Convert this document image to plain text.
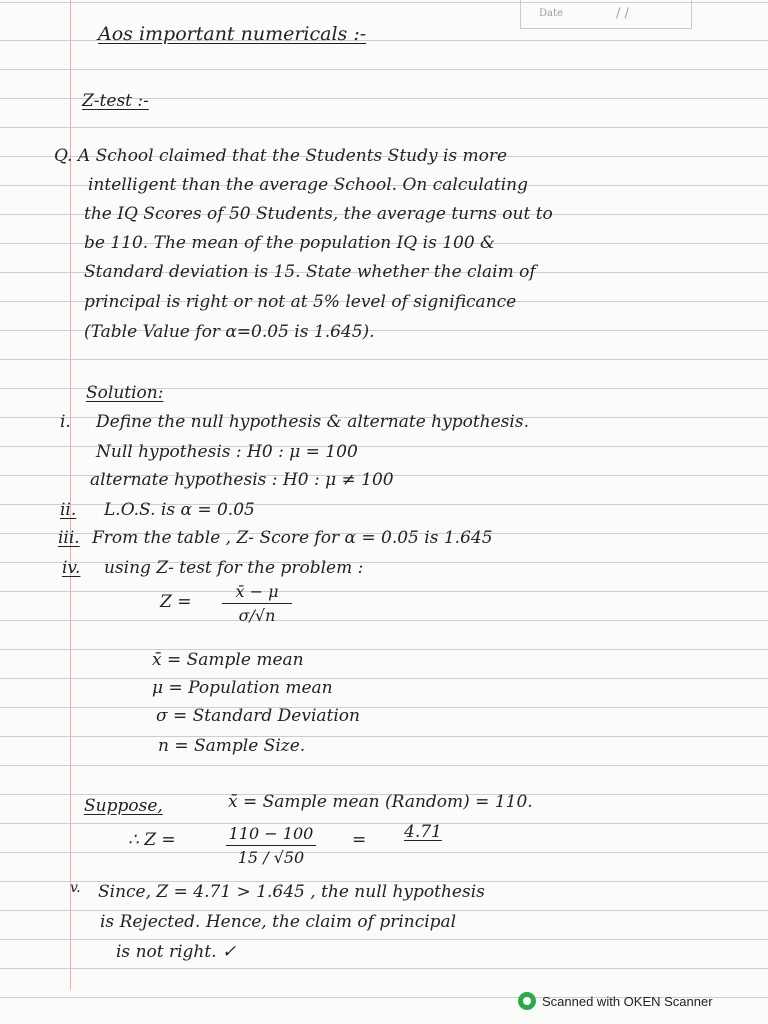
Date	/ /
Aos important numericals :-
Z-test :-
Q. A School claimed that the Students Study is more
intelligent than the average School. On calculating
the IQ Scores of 50 Students, the average turns out to
be 110. The mean of the population IQ is 100 &
Standard deviation is 15. State whether the claim of
principal is right or not at 5% level of significance
(Table Value for α=0.05 is 1.645).
Solution:
i. Define the null hypothesis & alternate hypothesis.
Null hypothesis : H0 : μ = 100
alternate hypothesis : H0 : μ ≠ 100
ii. L.O.S. is α = 0.05
iii. From the table , Z- Score for α = 0.05 is 1.645
iv. using Z- test for the problem :
Z =
x̄ − μ
σ/√n
x̄ = Sample mean
μ = Population mean
σ = Standard Deviation
n = Sample Size.
Suppose,	x̄ = Sample mean (Random) = 110.
∴ Z =	110 − 100
15 / √50
= 4.71
v. Since, Z = 4.71 > 1.645 , the null hypothesis
is Rejected. Hence, the claim of principal
is not right. ✓
Scanned with OKEN Scanner
